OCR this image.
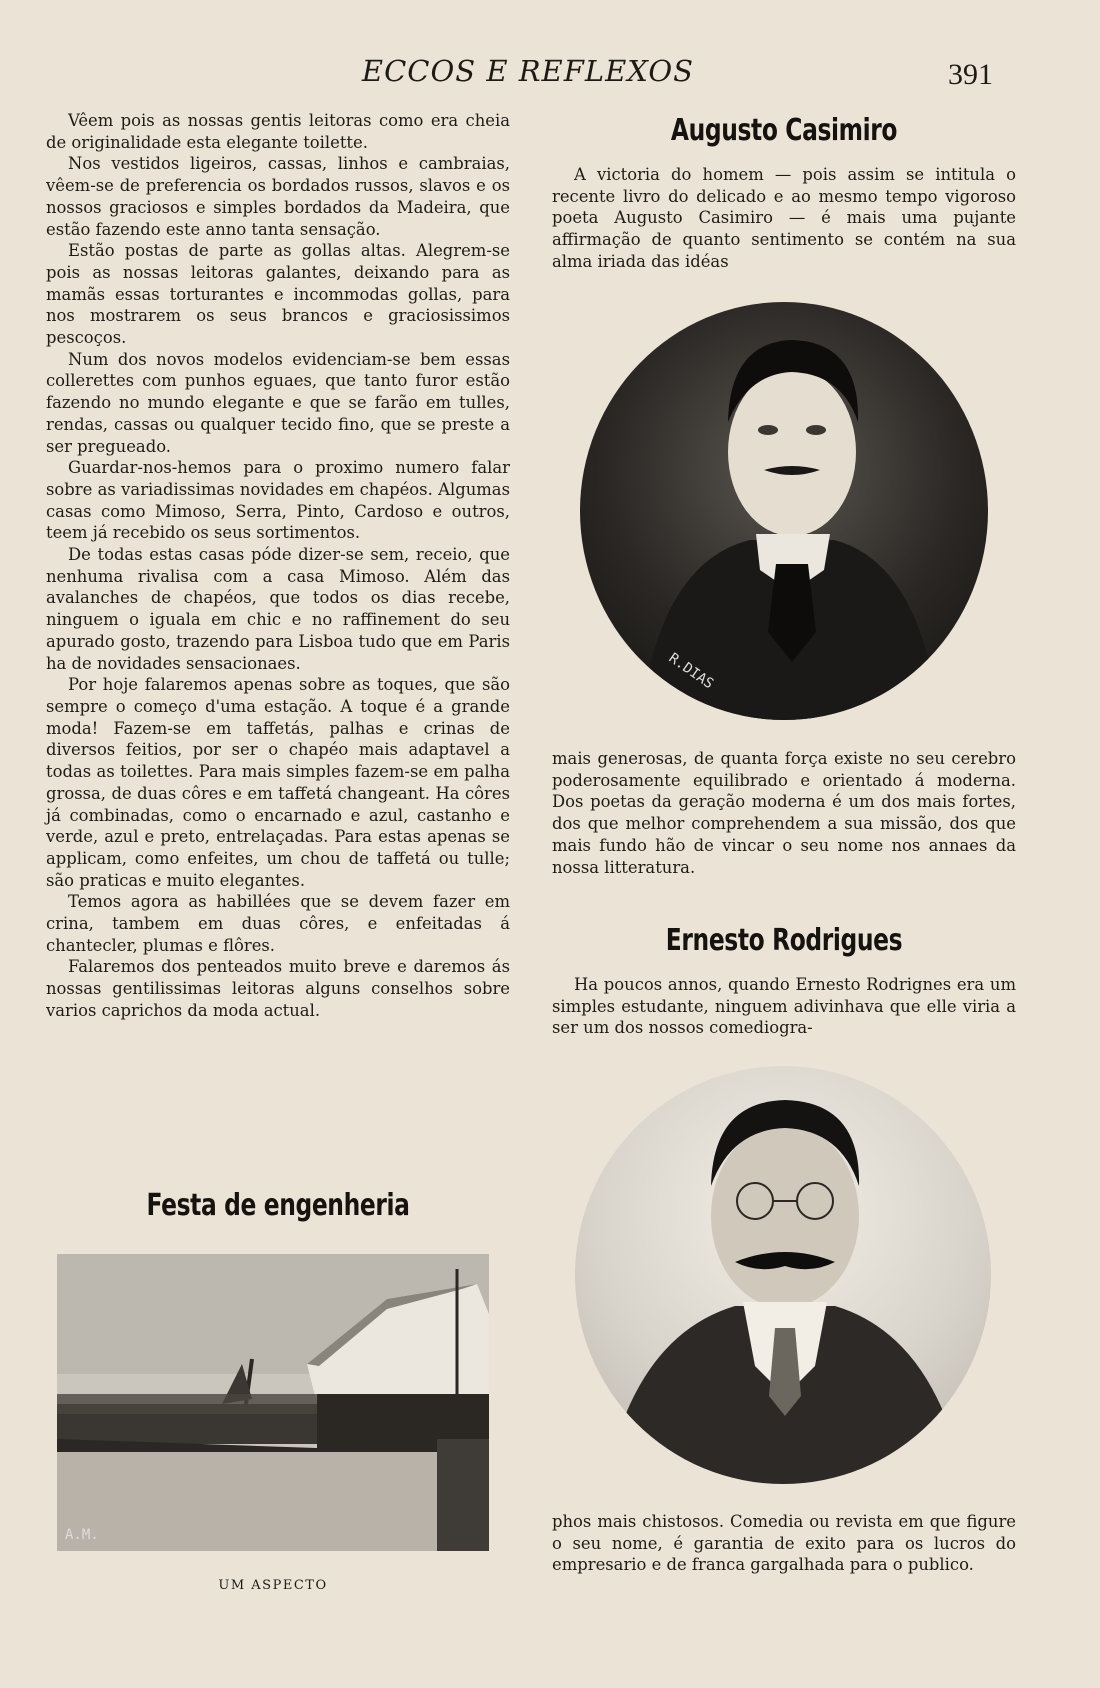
ECCOS E REFLEXOS	391

Vêem pois as nossas gentis leitoras como era cheia de originalidade esta elegante toilette.

Nos vestidos ligeiros, cassas, linhos e cambraias, vêem-se de preferencia os bordados russos, slavos e os nossos graciosos e simples bordados da Madeira, que estão fazendo este anno tanta sensação.

Estão postas de parte as gollas altas. Alegrem-se pois as nossas leitoras galantes, deixando para as mamãs essas torturantes e incommodas gollas, para nos mostrarem os seus brancos e graciosissimos pescoços.

Num dos novos modelos evidenciam-se bem essas collerettes com punhos eguaes, que tanto furor estão fazendo no mundo elegante e que se farão em tulles, rendas, cassas ou qualquer tecido fino, que se preste a ser pregueado.

Guardar-nos-hemos para o proximo numero falar sobre as variadissimas novidades em chapéos. Algumas casas como Mimoso, Serra, Pinto, Cardoso e outros, teem já recebido os seus sortimentos.

De todas estas casas póde dizer-se sem, receio, que nenhuma rivalisa com a casa Mimoso. Além das avalanches de chapéos, que todos os dias recebe, ninguem o iguala em chic e no raffinement do seu apurado gosto, trazendo para Lisboa tudo que em Paris ha de novidades sensacionaes.

Por hoje falaremos apenas sobre as toques, que são sempre o começo d'uma estação. A toque é a grande moda! Fazem-se em taffetás, palhas e crinas de diversos feitios, por ser o chapéo mais adaptavel a todas as toilettes. Para mais simples fazem-se em palha grossa, de duas côres e em taffetá changeant. Ha côres já combinadas, como o encarnado e azul, castanho e verde, azul e preto, entrelaçadas. Para estas apenas se applicam, como enfeites, um chou de taffetá ou tulle; são praticas e muito elegantes.

Temos agora as habillées que se devem fazer em crina, tambem em duas côres, e enfeitadas á chantecler, plumas e flôres.

Falaremos dos penteados muito breve e daremos ás nossas gentilissimas leitoras alguns conselhos sobre varios caprichos da moda actual.

Festa de engenheria
A.M.
UM ASPECTO
Augusto Casimiro

A victoria do homem — pois assim se intitula o recente livro do delicado e ao mesmo tempo vigoroso poeta Augusto Casimiro — é mais uma pujante affirmação de quanto sentimento se contém na sua alma iriada das idéas

R.DIAS

mais generosas, de quanta força existe no seu cerebro poderosamente equilibrado e orientado á moderna. Dos poetas da geração moderna é um dos mais fortes, dos que melhor comprehendem a sua missão, dos que mais fundo hão de vincar o seu nome nos annaes da nossa litteratura.

Ernesto Rodrigues

Ha poucos annos, quando Ernesto Rodrignes era um simples estudante, ninguem adivinhava que elle viria a ser um dos nossos comediogra-

phos mais chistosos. Comedia ou revista em que figure o seu nome, é garantia de exito para os lucros do empresario e de franca gargalhada para o publico.
